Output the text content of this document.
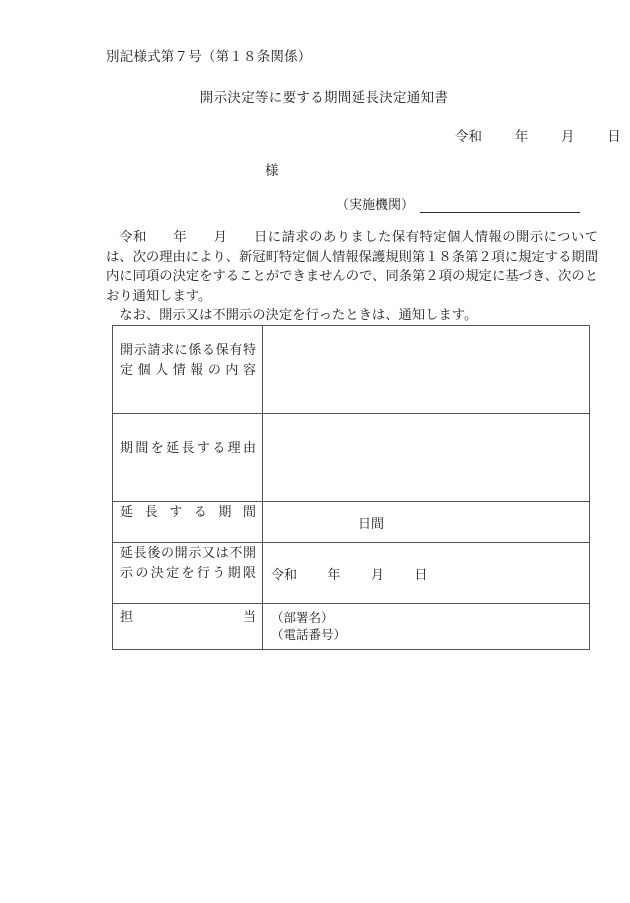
別記様式第７号（第１８条関係）
開示決定等に要する期間延長決定通知書
令和 年 月 日
様
（実施機関）

令和 年 月 日に請求のありました保有特定個人情報の開示については、次の理由により、新冠町特定個人情報保護規則第１８条第２項に規定する期間内に同項の決定をすることができませんので、同条第２項の規定に基づき、次のとおり通知します。

なお、開示又は不開示の決定を行ったときは、通知します。

開示請求に係る保有特定個人情報の内容	

期間を延長する理由	

延長する期間	日間

延長後の開示又は不開示の決定を行う期限	令和 年 月 日

担当	（部署名）
（電話番号）
